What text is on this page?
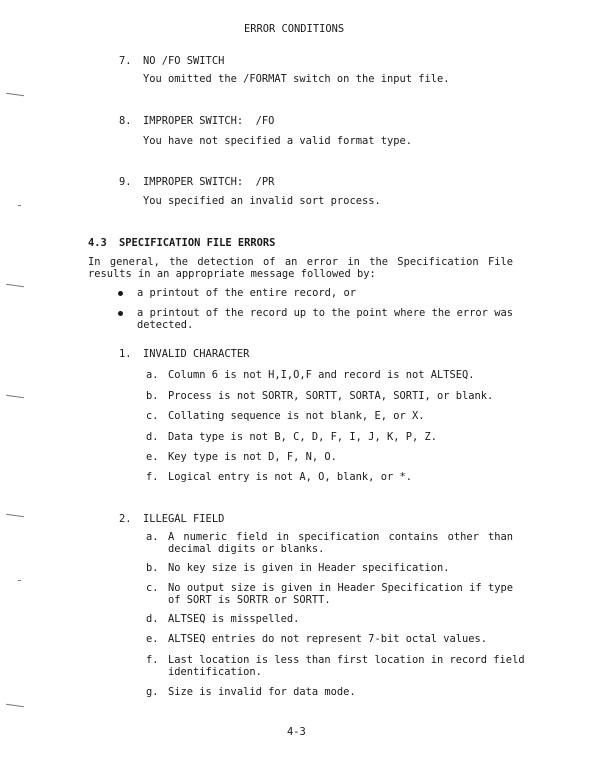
ERROR CONDITIONS
7. NO /FO SWITCH
You omitted the /FORMAT switch on the input file.
8. IMPROPER SWITCH:  /FO
You have not specified a valid format type.
9. IMPROPER SWITCH:  /PR
You specified an invalid sort process.
4.3 SPECIFICATION FILE ERRORS
In general, the detection of an error in the Specification File
results in an appropriate message followed by:
a printout of the entire record, or
a printout of the record up to the point where the error was
detected.
1. INVALID CHARACTER
a. Column 6 is not H,I,O,F and record is not ALTSEQ.
b. Process is not SORTR, SORTT, SORTA, SORTI, or blank.
c. Collating sequence is not blank, E, or X.
d. Data type is not B, C, D, F, I, J, K, P, Z.
e. Key type is not D, F, N, O.
f. Logical entry is not A, O, blank, or *.
2. ILLEGAL FIELD
a. A numeric field in specification contains other than
decimal digits or blanks.
b. No key size is given in Header specification.
c. No output size is given in Header Specification if type
of SORT is SORTR or SORTT.
d. ALTSEQ is misspelled.
e. ALTSEQ entries do not represent 7-bit octal values.
f. Last location is less than first location in record field
identification.
g. Size is invalid for data mode.
4-3
